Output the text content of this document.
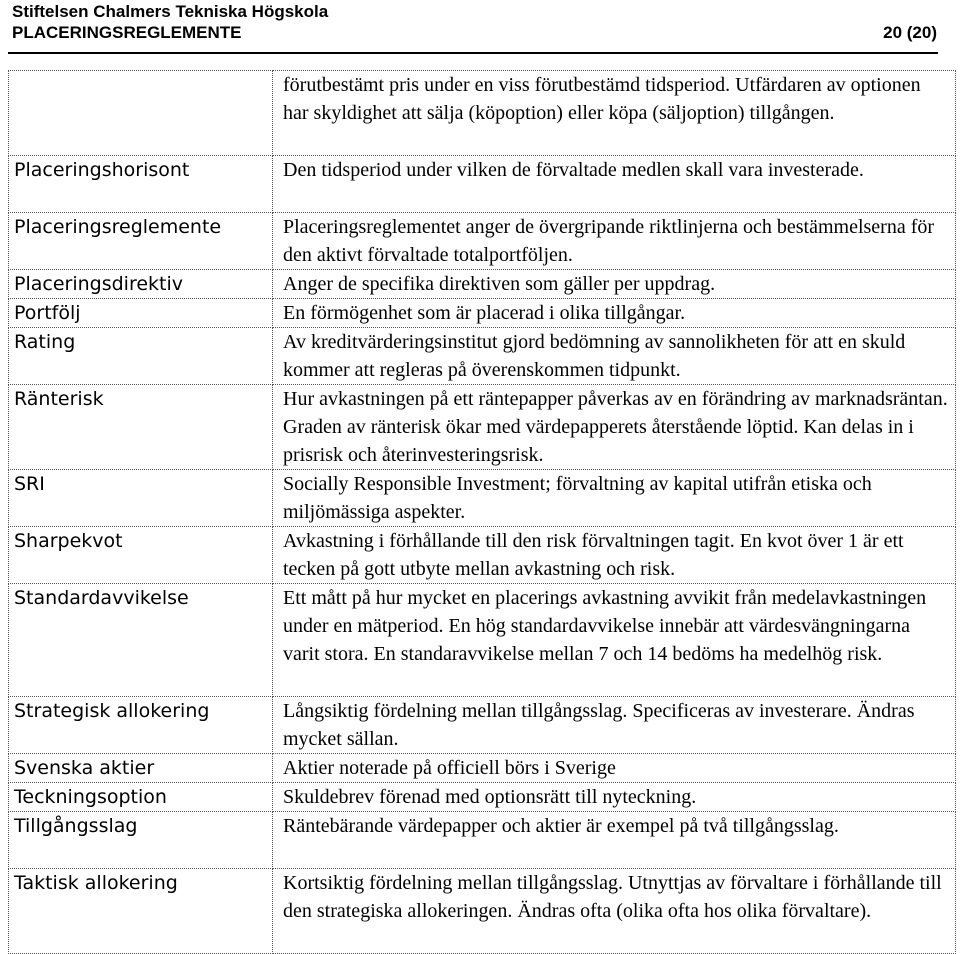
Stiftelsen Chalmers Tekniska Högskola
PLACERINGSREGLEMENTE	20 (20)
	förutbestämt pris under en viss förutbestämd tidsperiod. Utfärdaren av optionen har skyldighet att sälja (köpoption) eller köpa (säljoption) tillgången.
Placeringshorisont	Den tidsperiod under vilken de förvaltade medlen skall vara investerade.
Placeringsreglemente	Placeringsreglementet anger de övergripande riktlinjerna och bestämmelserna för den aktivt förvaltade totalportföljen.
Placeringsdirektiv	Anger de specifika direktiven som gäller per uppdrag.
Portfölj	En förmögenhet som är placerad i olika tillgångar.
Rating	Av kreditvärderingsinstitut gjord bedömning av sannolikheten för att en skuld kommer att regleras på överenskommen tidpunkt.
Ränterisk	Hur avkastningen på ett räntepapper påverkas av en förändring av marknadsräntan. Graden av ränterisk ökar med värdepapperets återstående löptid. Kan delas in i prisrisk och återinvesteringsrisk.
SRI	Socially Responsible Investment; förvaltning av kapital utifrån etiska och miljömässiga aspekter.
Sharpekvot	Avkastning i förhållande till den risk förvaltningen tagit. En kvot över 1 är ett tecken på gott utbyte mellan avkastning och risk.
Standardavvikelse	Ett mått på hur mycket en placerings avkastning avvikit från medelavkastningen under en mätperiod. En hög standardavvikelse innebär att värdesvängningarna varit stora. En standaravvikelse mellan 7 och 14 bedöms ha medelhög risk.
Strategisk allokering	Långsiktig fördelning mellan tillgångsslag. Specificeras av investerare. Ändras mycket sällan.
Svenska aktier	Aktier noterade på officiell börs i Sverige
Teckningsoption	Skuldebrev förenad med optionsrätt till nyteckning.
Tillgångsslag	Räntebärande värdepapper och aktier är exempel på två tillgångsslag.
Taktisk allokering	Kortsiktig fördelning mellan tillgångsslag. Utnyttjas av förvaltare i förhållande till den strategiska allokeringen. Ändras ofta (olika ofta hos olika förvaltare).
